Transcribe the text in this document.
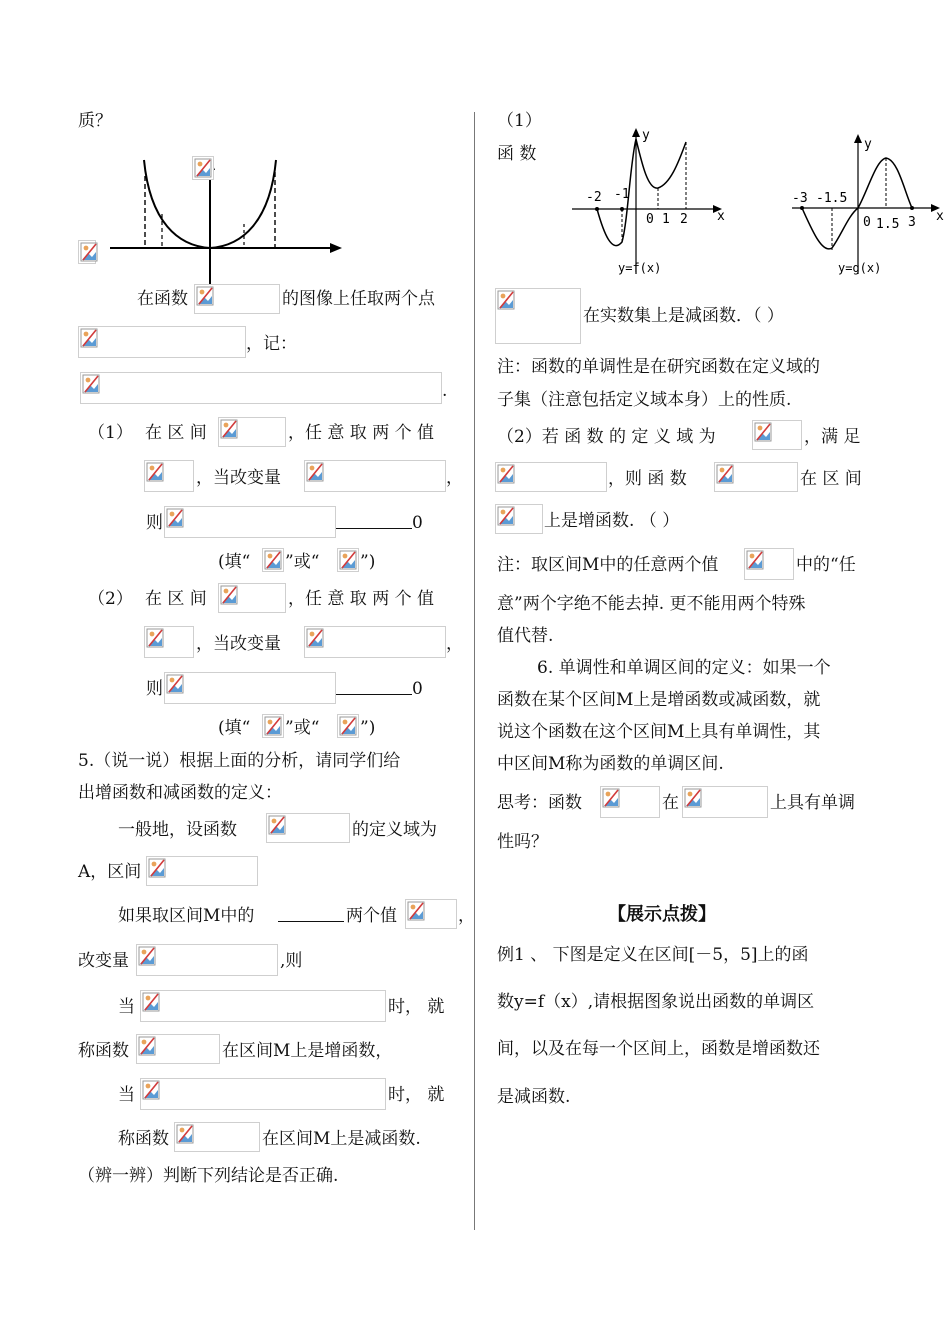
质？
在函数	的图像上任取两个点
，记：
.
（1） 在 区 间	，任 意 取 两 个 值
，当改变量	，
则	0
(填“ ”或“ ”)
（2） 在 区 间	，任 意 取 两 个 值
，当改变量	，
则	0
(填“ ”或“ ”)
5.（说一说）根据上面的分析，请同学们给
出增函数和减函数的定义：
一般地，设函数	的定义域为
A，区间
如果取区间M中的	两个值	，
改变量	,则
当	时， 就
称函数	在区间M上是增函数，
当	时， 就
称函数	在区间M上是减函数.
（辨一辨）判断下列结论是否正确.
（1）
函 数
y
x
-2 -1
0 1 2
y=f(x)
y
x
-3 -1.5
0 1.5 3
y=g(x)
在实数集上是减函数．（ ）
注：函数的单调性是在研究函数在定义域的
子集（注意包括定义域本身）上的性质.
（2）若 函 数 的 定 义 域 为	，满 足
，则 函 数	在 区 间
上是增函数. （ ）
注：取区间M中的任意两个值	中的“任
意”两个字绝不能去掉. 更不能用两个特殊
值代替.
6. 单调性和单调区间的定义：如果一个
函数在某个区间M上是增函数或减函数，就
说这个函数在这个区间M上具有单调性，其
中区间M称为函数的单调区间.
思考：函数	在	上具有单调
性吗？
【展示点拨】
例1 、 下图是定义在区间[－5，5]上的函
数y=f（x）,请根据图象说出函数的单调区
间，以及在每一个区间上，函数是增函数还
是减函数.
